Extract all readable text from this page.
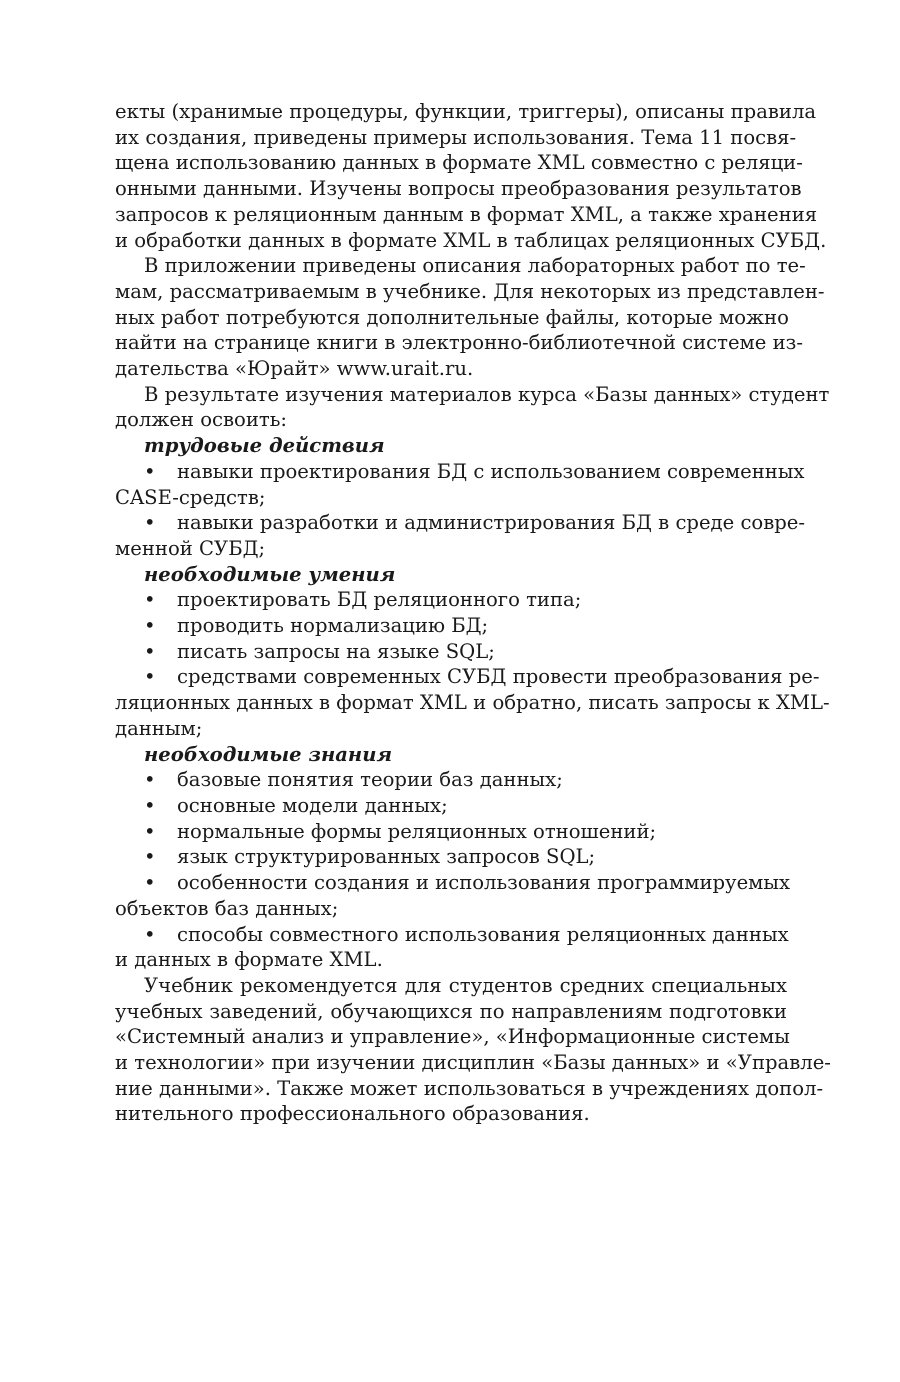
екты (хранимые процедуры, функции, триггеры), описаны правила
их создания, приведены примеры использования. Тема 11 посвя-
щена использованию данных в формате XML совместно с реляци-
онными данными. Изучены вопросы преобразования результатов
запросов к реляционным данным в формат XML, а также хранения
и обработки данных в формате XML в таблицах реляционных СУБД.
В приложении приведены описания лабораторных работ по те-
мам, рассматриваемым в учебнике. Для некоторых из представлен-
ных работ потребуются дополнительные файлы, которые можно
найти на странице книги в электронно-библиотечной системе из-
дательства «Юрайт» www.urait.ru.
В результате изучения материалов курса «Базы данных» студент
должен освоить:
трудовые действия
• навыки проектирования БД с использованием современных
CASE-средств;
• навыки разработки и администрирования БД в среде совре-
менной СУБД;
необходимые умения
• проектировать БД реляционного типа;
• проводить нормализацию БД;
• писать запросы на языке SQL;
• средствами современных СУБД провести преобразования ре-
ляционных данных в формат XML и обратно, писать запросы к XML-
данным;
необходимые знания
• базовые понятия теории баз данных;
• основные модели данных;
• нормальные формы реляционных отношений;
• язык структурированных запросов SQL;
• особенности создания и использования программируемых
объектов баз данных;
• способы совместного использования реляционных данных
и данных в формате XML.
Учебник рекомендуется для студентов средних специальных
учебных заведений, обучающихся по направлениям подготовки
«Системный анализ и управление», «Информационные системы
и технологии» при изучении дисциплин «Базы данных» и «Управле-
ние данными». Также может использоваться в учреждениях допол-
нительного профессионального образования.
